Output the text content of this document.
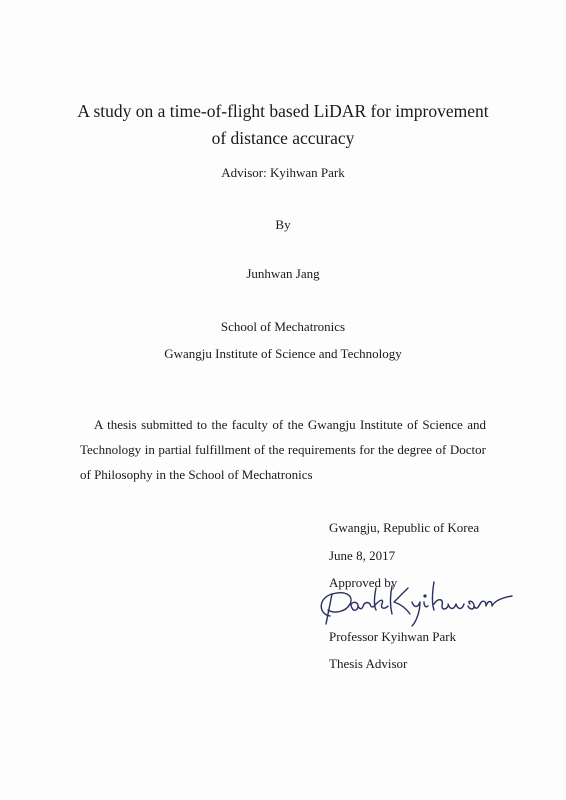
A study on a time-of-flight based LiDAR for improvement
of distance accuracy
Advisor: Kyihwan Park
By
Junhwan Jang
School of Mechatronics
Gwangju Institute of Science and Technology
A thesis submitted to the faculty of the Gwangju Institute of Science and
Technology in partial fulfillment of the requirements for the degree of Doctor
of Philosophy in the School of Mechatronics
Gwangju, Republic of Korea
June 8, 2017
Approved by
Professor Kyihwan Park
Thesis Advisor
